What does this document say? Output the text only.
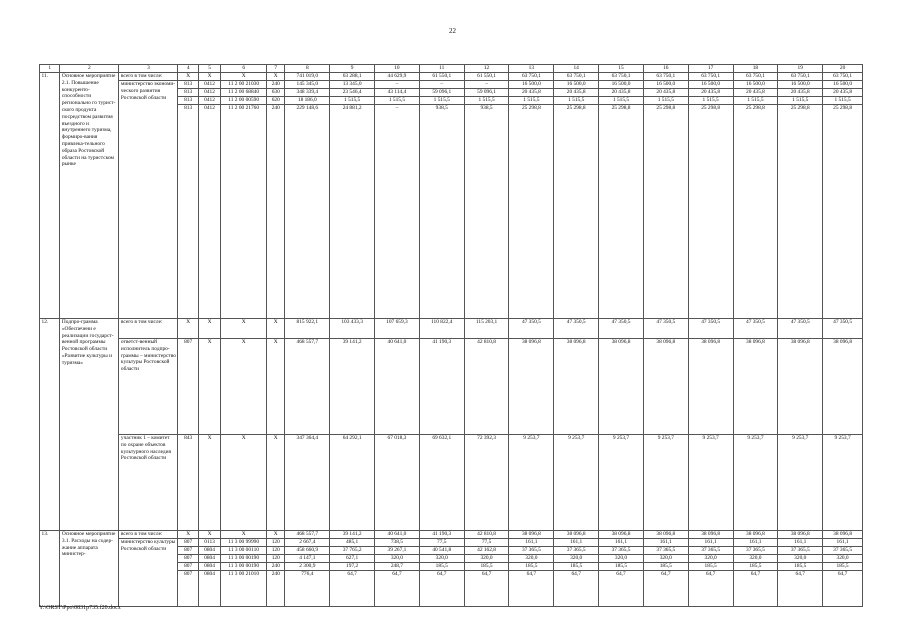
22
1	2	3	4	5	6	7	8	9	10	11	12	13	14	15	16	17	18	19	20
11.	Основное мероприятие 2.1. Повышение конкуренто-способности регионально го турист-ского продукта посредством развития въездного и внутреннего туризма, формиро-вания привлека-тельного образа Ростовской области на туристском рынке	всего в том числе:	X	X	X	X	741 019,0	63 288,1	44 629,9	61 550,1	61 550,1	63 750,1	63 750,1	63 750,1	63 750,1	63 750,1	63 750,1	63 750,1	63 750,1
		министерство экономи-ческого развития Ростовской области	813	0412	11 2 00 21030	240	145 345,0	13 345,0	–	–	–	16 500,0	16 500,0	16 500,0	16 500,0	16 500,0	16 500,0	16 500,0	16 500,0
			813	0412	11 2 00 68840	630	348 339,4	23 546,4	43 114,4	59 096,1	59 096,1	20 435,8	20 435,8	20 435,8	20 435,8	20 435,8	20 435,8	20 435,8	20 435,8
			813	0412	11 2 00 00590	620	18 186,0	1 515,5	1 515,5	1 515,5	1 515,5	1 515,5	1 515,5	1 515,5	1 515,5	1 515,5	1 515,5	1 515,5	1 515,5
			813	0412	11 2 00 21760	240	229 148,6	24 881,2	–	938,5	938,5	25 298,8	25 298,8	25 298,8	25 298,8	25 298,8	25 298,8	25 298,8	25 298,8
12.	Подпро-грамма «Обеспечени е реализации государст-венной программы Ростовской области «Развитие культуры и туризма»	всего в том числе:	X	X	X	X	815 922,1	103 433,3	107 659,3	110 822,4	115 203,1	47 350,5	47 350,5	47 350,5	47 350,5	47 350,5	47 350,5	47 350,5	47 350,5
		ответст-венный исполнитель подпро-граммы – министерство культуры Ростовской области	807	X	X	X	468 557,7	39 141,2	40 641,0	41 190,3	42 810,8	38 096,8	38 096,8	38 096,8	38 096,8	38 096,8	38 096,8	38 096,8	38 096,8
		участник 1 – комитет по охране объектов культурного наследия Ростовской области	843	X	X	X	347 364,4	64 292,1	67 018,3	69 632,1	72 392,3	9 253,7	9 253,7	9 253,7	9 253,7	9 253,7	9 253,7	9 253,7	9 253,7
13.	Основное мероприятие 3.1. Расходы на содер-жание аппарата министер-	всего в том числе:	X	X	X	X	468 557,7	39 141,2	40 641,0	41 190,3	42 810,8	38 096,8	38 096,8	38 096,8	38 096,8	38 096,8	38 096,8	38 096,8	38 096,8
		министерство культуры Ростовской области	807	0113	11 3 00 99990	120	2 667,4	485,1	738,5	77,5	77,5	161,1	161,1	161,1	161,1	161,1	161,1	161,1	161,1
			807	0804	11 3 00 00110	120	458 660,9	37 765,2	39 267,1	40 541,8	42 162,8	37 365,5	37 365,5	37 365,5	37 365,5	37 365,5	37 365,5	37 365,5	37 365,5
			807	0804	11 3 00 00190	120	4 147,1	627,1	320,0	320,0	320,0	320,0	320,0	320,0	320,0	320,0	320,0	320,0	320,0
			807	0804	11 3 00 00190	240	2 300,9	197,2	248,7	185,5	185,5	185,5	185,5	185,5	185,5	185,5	185,5	185,5	185,5
			807	0804	11 3 00 21010	240	776,4	64,7	64,7	64,7	64,7	64,7	64,7	64,7	64,7	64,7	64,7	64,7	64,7
Y:\ORST\Ppo\0831p735.f20.docx
